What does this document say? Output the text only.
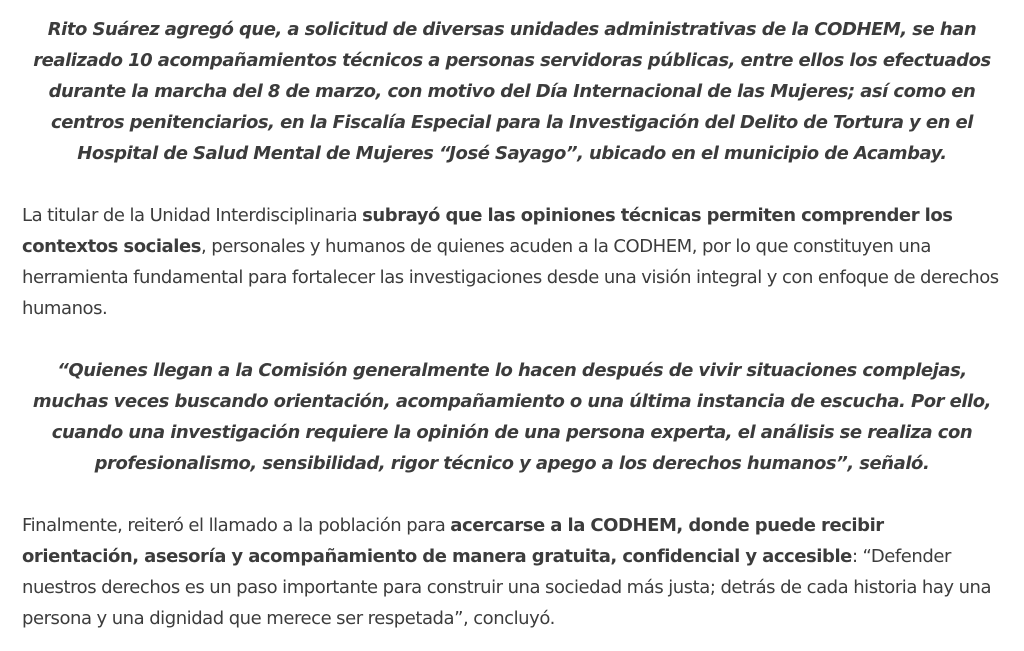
Rito Suárez agregó que, a solicitud de diversas unidades administrativas de la CODHEM, se han realizado 10 acompañamientos técnicos a personas servidoras públicas, entre ellos los efectuados durante la marcha del 8 de marzo, con motivo del Día Internacional de las Mujeres; así como en centros penitenciarios, en la Fiscalía Especial para la Investigación del Delito de Tortura y en el Hospital de Salud Mental de Mujeres “José Sayago”, ubicado en el municipio de Acambay.

La titular de la Unidad Interdisciplinaria subrayó que las opiniones técnicas permiten comprender los contextos sociales, personales y humanos de quienes acuden a la CODHEM, por lo que constituyen una herramienta fundamental para fortalecer las investigaciones desde una visión integral y con enfoque de derechos humanos.

“Quienes llegan a la Comisión generalmente lo hacen después de vivir situaciones complejas, muchas veces buscando orientación, acompañamiento o una última instancia de escucha. Por ello, cuando una investigación requiere la opinión de una persona experta, el análisis se realiza con profesionalismo, sensibilidad, rigor técnico y apego a los derechos humanos”, señaló.

Finalmente, reiteró el llamado a la población para acercarse a la CODHEM, donde puede recibir orientación, asesoría y acompañamiento de manera gratuita, confidencial y accesible: “Defender nuestros derechos es un paso importante para construir una sociedad más justa; detrás de cada historia hay una persona y una dignidad que merece ser respetada”, concluyó.
